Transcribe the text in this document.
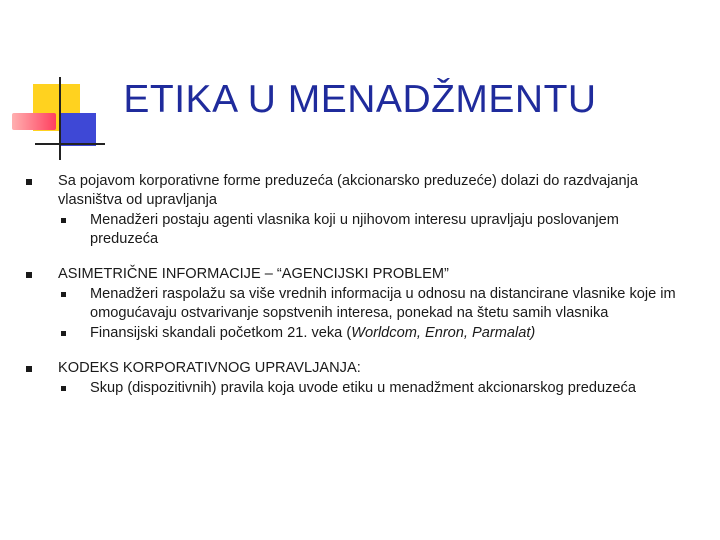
ETIKA U MENADŽMENTU
Sa pojavom korporativne forme preduzeća (akcionarsko preduzeće) dolazi do razdvajanja vlasništva od upravljanja
Menadžeri postaju agenti vlasnika koji u njihovom interesu upravljaju poslovanjem preduzeća
ASIMETRIČNE INFORMACIJE – “AGENCIJSKI PROBLEM”
Menadžeri raspolažu sa više vrednih informacija u odnosu na distancirane vlasnike koje im omogućavaju ostvarivanje sopstvenih interesa, ponekad na štetu samih vlasnika
Finansijski skandali početkom 21. veka (Worldcom, Enron, Parmalat)
KODEKS KORPORATIVNOG UPRAVLJANJA:
Skup (dispozitivnih) pravila koja uvode etiku u menadžment akcionarskog preduzeća
